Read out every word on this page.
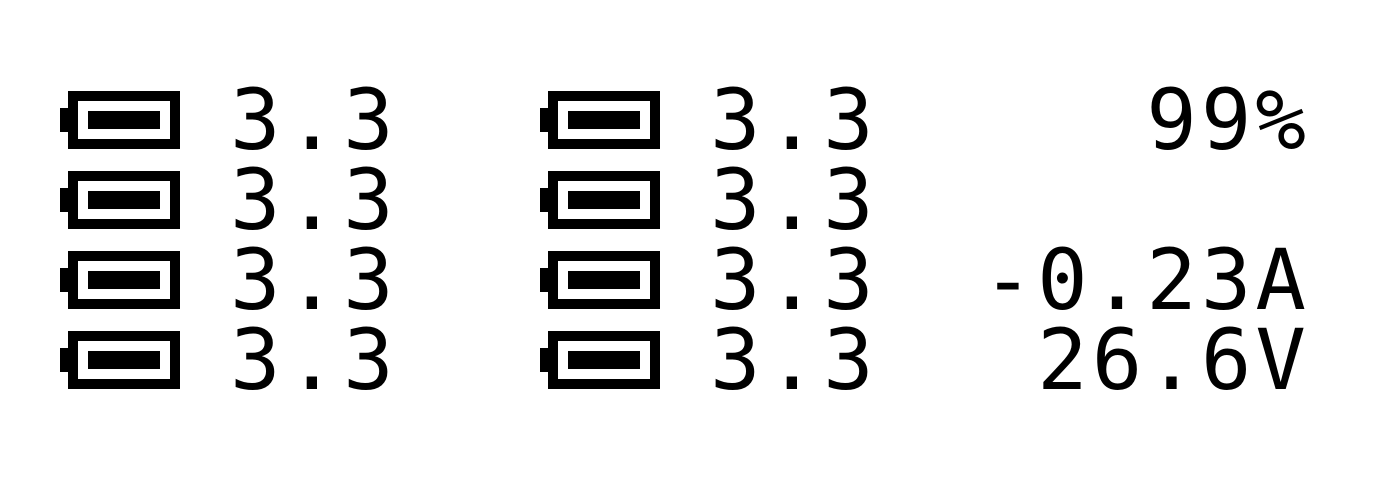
3.3
3.3
3.3
3.3
3.3
3.3
3.3
3.3
99%
-0.23A
26.6V
